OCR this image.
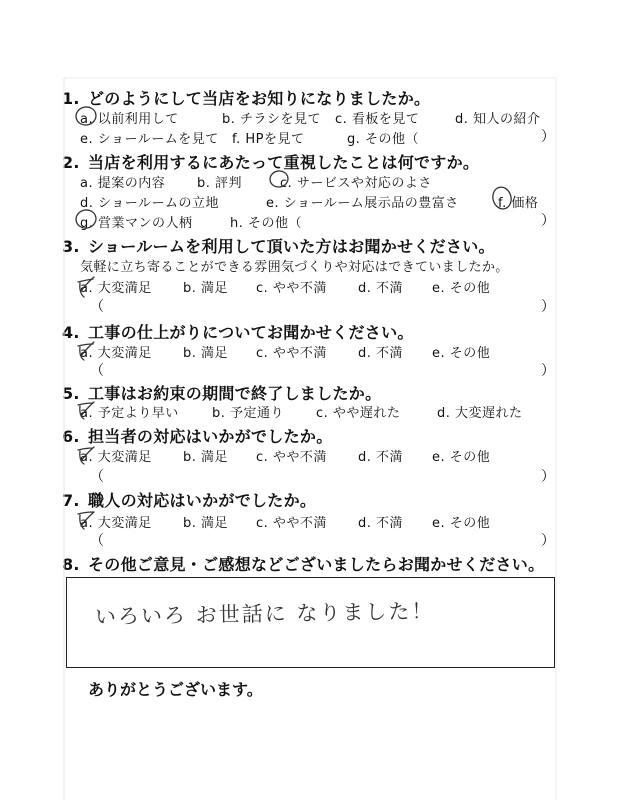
1. どのようにして当店をお知りになりましたか。
a. 以前利用して	b. チラシを見て c. 看板を見て	d. 知人の紹介
e. ショールームを見て f. HPを見て	g. その他（	）
2. 当店を利用するにあたって重視したことは何ですか。
a. 提案の内容 b. 評判	c. サービスや対応のよさ
d. ショールームの立地	e. ショールーム展示品の豊富さ	f. 価格
g. 営業マンの人柄	h. その他（	）
3. ショールームを利用して頂いた方はお聞かせください。
気軽に立ち寄ることができる雰囲気づくりや対応はできていましたか。
a. 大変満足 b. 満足 c. やや不満 d. 不満 e. その他
（	）
4. 工事の仕上がりについてお聞かせください。
a. 大変満足 b. 満足 c. やや不満 d. 不満 e. その他
（	）
5. 工事はお約束の期間で終了しましたか。
a. 予定より早い	b. 予定通り c. やや遅れた	d. 大変遅れた
6. 担当者の対応はいかがでしたか。
a. 大変満足 b. 満足 c. やや不満 d. 不満 e. その他
（	）
7. 職人の対応はいかがでしたか。
a. 大変満足 b. 満足 c. やや不満 d. 不満 e. その他
（	）
8. その他ご意見・ご感想などございましたらお聞かせください。
いろいろ お世話に なりました！
ありがとうございます。
